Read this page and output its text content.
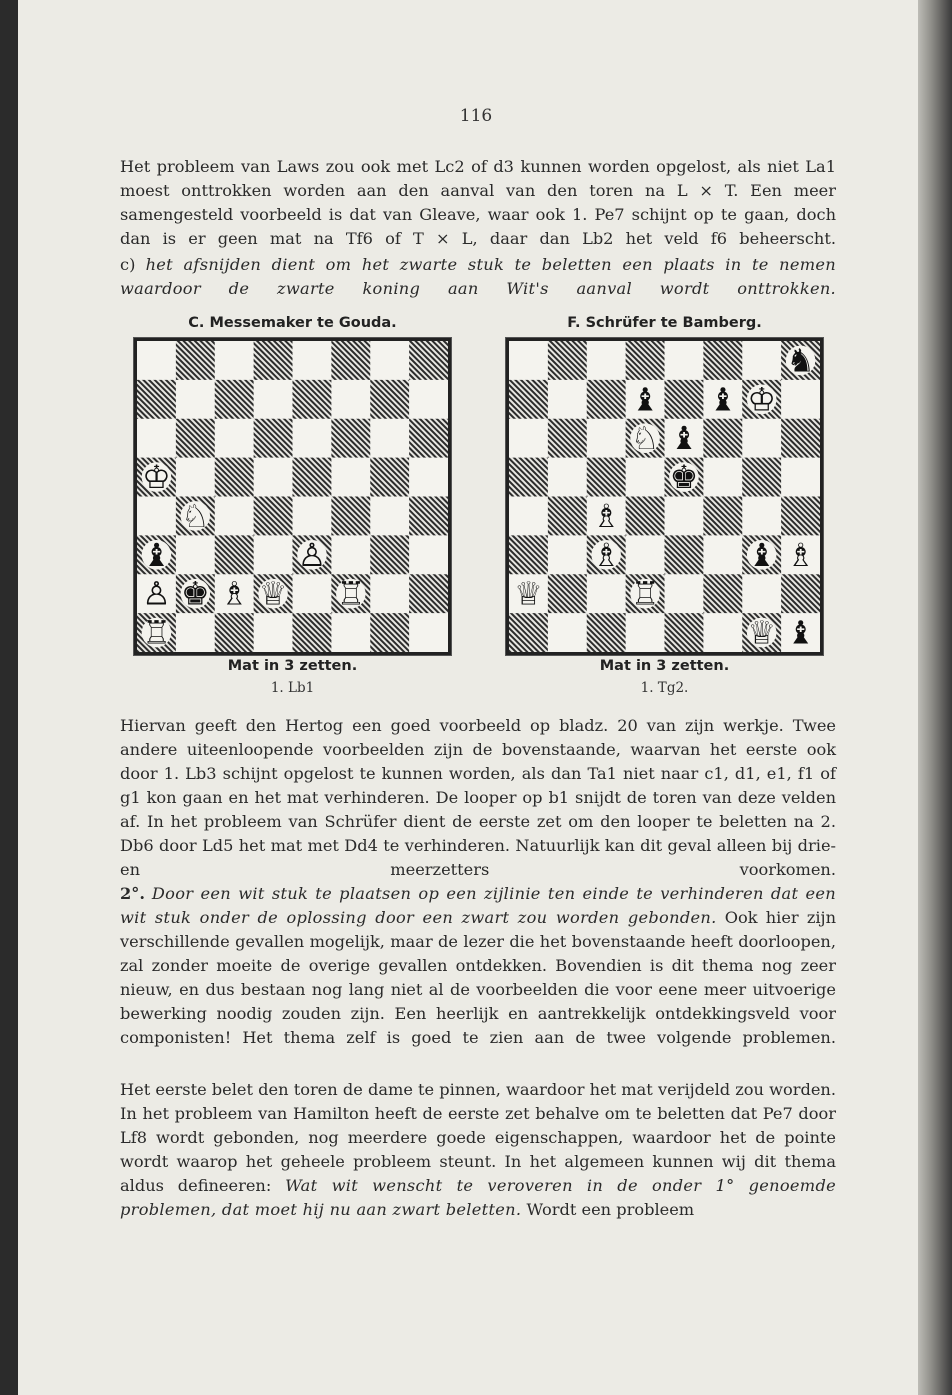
116

Het probleem van Laws zou ook met Lc2 of d3 kunnen worden opgelost, als niet La1 moest onttrokken worden aan den aanval van den toren na L × T. Een meer samengesteld voorbeeld is dat van Gleave, waar ook 1. Pe7 schijnt op te gaan, doch dan is er geen mat na Tf6 of T × L, daar dan Lb2 het veld f6 beheerscht.

c) het afsnijden dient om het zwarte stuk te beletten een plaats in te nemen waardoor de zwarte koning aan Wit's aanval wordt onttrokken.

C. Messemaker te Gouda.
♔
♘
♝	♙
♙ ♚ ♗ ♕ ♖
♖
Mat in 3 zetten.
1. Lb1
F. Schrüfer te Bamberg.
♞
♝ ♝ ♔
♘ ♝
♚
♗
♗	♝ ♗
♕	♖
♕ ♝
Mat in 3 zetten.
1. Tg2.

Hiervan geeft den Hertog een goed voorbeeld op bladz. 20 van zijn werkje. Twee andere uiteenloopende voorbeelden zijn de bovenstaande, waarvan het eerste ook door 1. Lb3 schijnt opgelost te kunnen worden, als dan Ta1 niet naar c1, d1, e1, f1 of g1 kon gaan en het mat verhinderen. De looper op b1 snijdt de toren van deze velden af. In het probleem van Schrüfer dient de eerste zet om den looper te beletten na 2. Db6 door Ld5 het mat met Dd4 te verhinderen. Natuurlijk kan dit geval alleen bij drie- en meerzetters voorkomen.

2°. Door een wit stuk te plaatsen op een zijlinie ten einde te verhinderen dat een wit stuk onder de oplossing door een zwart zou worden gebonden. Ook hier zijn verschillende gevallen mogelijk, maar de lezer die het bovenstaande heeft doorloopen, zal zonder moeite de overige gevallen ontdekken. Bovendien is dit thema nog zeer nieuw, en dus bestaan nog lang niet al de voorbeelden die voor eene meer uitvoerige bewerking noodig zouden zijn. Een heerlijk en aantrekkelijk ontdekkingsveld voor componisten! Het thema zelf is goed te zien aan de twee volgende problemen.

Het eerste belet den toren de dame te pinnen, waardoor het mat verijdeld zou worden. In het probleem van Hamilton heeft de eerste zet behalve om te beletten dat Pe7 door Lf8 wordt gebonden, nog meerdere goede eigenschappen, waardoor het de pointe wordt waarop het geheele probleem steunt. In het algemeen kunnen wij dit thema aldus defineeren: Wat wit wenscht te veroveren in de onder 1° genoemde problemen, dat moet hij nu aan zwart beletten. Wordt een probleem
